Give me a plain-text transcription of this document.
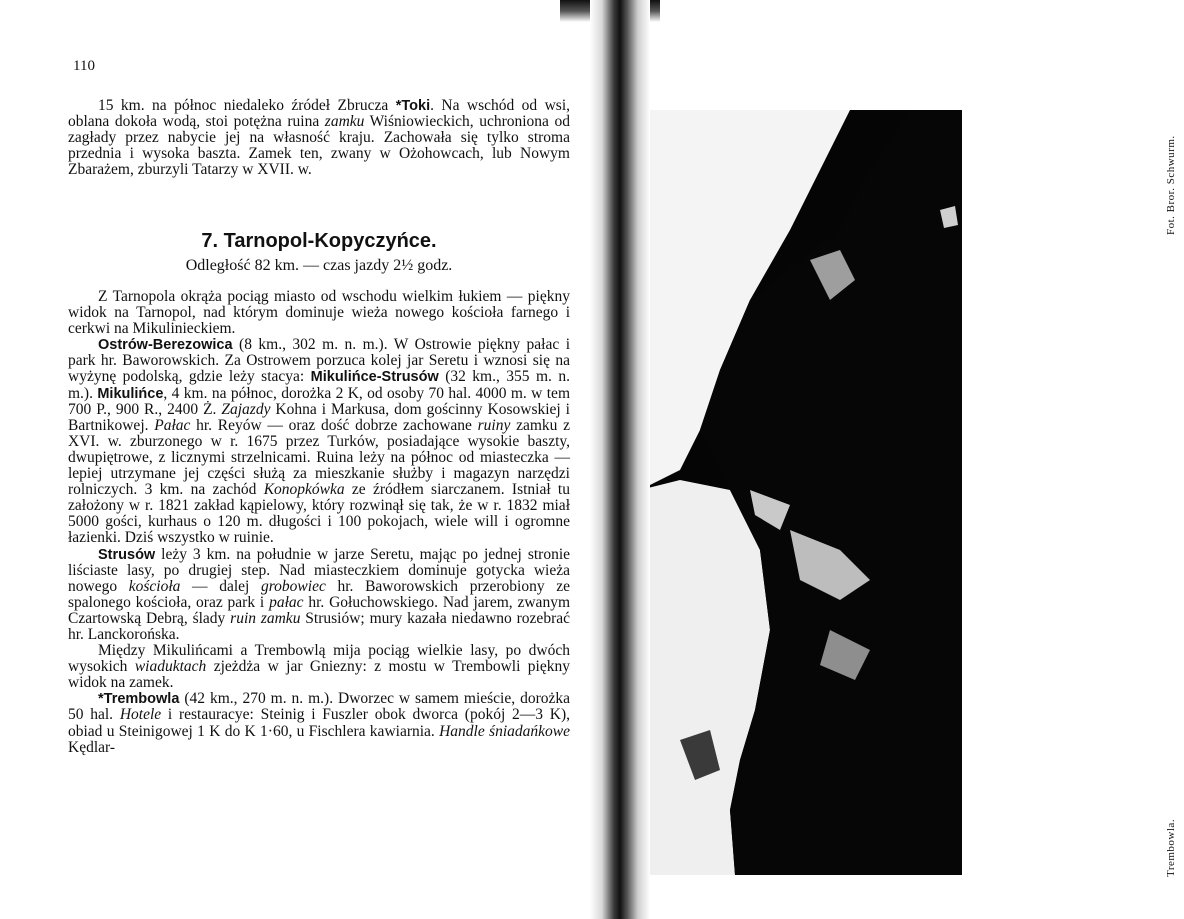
110

15 km. na północ niedaleko źródeł Zbrucza *Toki. Na wschód od wsi, oblana dokoła wodą, stoi potężna ruina zamku Wiśniowieckich, uchroniona od zagłady przez nabycie jej na własność kraju. Zachowała się tylko stroma przednia i wysoka baszta. Zamek ten, zwany w Ożohowcach, lub Nowym Zbarażem, zburzyli Tatarzy w XVII. w.

7. Tarnopol-Kopyczyńce.
Odległość 82 km. — czas jazdy 2½ godz.

Z Tarnopola okrąża pociąg miasto od wschodu wielkim łukiem — piękny widok na Tarnopol, nad którym dominuje wieża nowego kościoła farnego i cerkwi na Mikulinieckiem.

Ostrów-Berezowica (8 km., 302 m. n. m.). W Ostrowie piękny pałac i park hr. Baworowskich. Za Ostrowem porzuca kolej jar Seretu i wznosi się na wyżynę podolską, gdzie leży stacya: Mikulińce-Strusów (32 km., 355 m. n. m.). Mikulińce, 4 km. na północ, dorożka 2 K, od osoby 70 hal. 4000 m. w tem 700 P., 900 R., 2400 Ż. Zajazdy Kohna i Markusa, dom gościnny Kosowskiej i Bartnikowej. Pałac hr. Reyów — oraz dość dobrze zachowane ruiny zamku z XVI. w. zburzonego w r. 1675 przez Turków, posiadające wysokie baszty, dwupiętrowe, z licznymi strzelnicami. Ruina leży na północ od miasteczka — lepiej utrzymane jej części służą za mieszkanie służby i magazyn narzędzi rolniczych. 3 km. na zachód Konopkówka ze źródłem siarczanem. Istniał tu założony w r. 1821 zakład kąpielowy, który rozwinął się tak, że w r. 1832 miał 5000 gości, kurhaus o 120 m. długości i 100 pokojach, wiele will i ogromne łazienki. Dziś wszystko w ruinie.

Strusów leży 3 km. na południe w jarze Seretu, mając po jednej stronie liściaste lasy, po drugiej step. Nad miasteczkiem dominuje gotycka wieża nowego kościoła — dalej grobowiec hr. Baworowskich przerobiony ze spalonego kościoła, oraz park i pałac hr. Gołuchowskiego. Nad jarem, zwanym Czartowską Debrą, ślady ruin zamku Strusiów; mury kazała niedawno rozebrać hr. Lanckorońska.

Między Mikulińcami a Trembowlą mija pociąg wielkie lasy, po dwóch wysokich wiaduktach zjeżdża w jar Gniezny: z mostu w Trembowli piękny widok na zamek.

*Trembowla (42 km., 270 m. n. m.). Dworzec w samem mieście, dorożka 50 hal. Hotele i restauracye: Steinig i Fuszler obok dworca (pokój 2—3 K), obiad u Steinigowej 1 K do K 1·60, u Fischlera kawiarnia. Handle śniadańkowe Kędlar-

Fot. Bror. Schwurm.
Trembowla.
